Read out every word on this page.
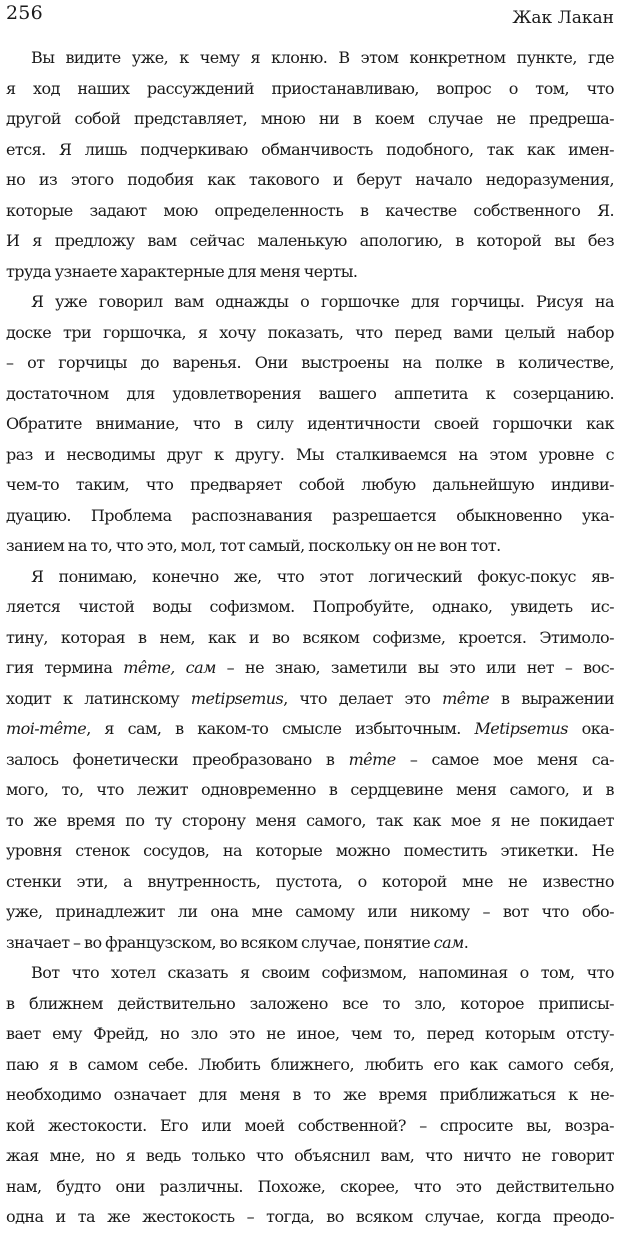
256	Жак Лакан
Вы видите уже, к чему я клоню. В этом конкретном пункте, где
я ход наших рассуждений приостанавливаю, вопрос о том, что
другой собой представляет, мною ни в коем случае не предреша-
ется. Я лишь подчеркиваю обманчивость подобного, так как имен-
но из этого подобия как такового и берут начало недоразумения,
которые задают мою определенность в качестве собственного Я.
И я предложу вам сейчас маленькую апологию, в которой вы без
труда узнаете характерные для меня черты.
Я уже говорил вам однажды о горшочке для горчицы. Рисуя на
доске три горшочка, я хочу показать, что перед вами целый набор
– от горчицы до варенья. Они выстроены на полке в количестве,
достаточном для удовлетворения вашего аппетита к созерцанию.
Обратите внимание, что в силу идентичности своей горшочки как
раз и несводимы друг к другу. Мы сталкиваемся на этом уровне с
чем-то таким, что предваряет собой любую дальнейшую индиви-
дуацию. Проблема распознавания разрешается обыкновенно ука-
занием на то, что это, мол, тот самый, поскольку он не вон тот.
Я понимаю, конечно же, что этот логический фокус-покус яв-
ляется чистой воды софизмом. Попробуйте, однако, увидеть ис-
тину, которая в нем, как и во всяком софизме, кроется. Этимоло-
гия термина même, сам – не знаю, заметили вы это или нет – вос-
ходит к латинскому metipsemus, что делает это même в выражении
moi-même, я сам, в каком-то смысле избыточным. Metipsemus ока-
залось фонетически преобразовано в même – самое мое меня са-
мого, то, что лежит одновременно в сердцевине меня самого, и в
то же время по ту сторону меня самого, так как мое я не покидает
уровня стенок сосудов, на которые можно поместить этикетки. Не
стенки эти, а внутренность, пустота, о которой мне не известно
уже, принадлежит ли она мне самому или никому – вот что обо-
значает – во французском, во всяком случае, понятие сам.
Вот что хотел сказать я своим софизмом, напоминая о том, что
в ближнем действительно заложено все то зло, которое приписы-
вает ему Фрейд, но зло это не иное, чем то, перед которым отсту-
паю я в самом себе. Любить ближнего, любить его как самого себя,
необходимо означает для меня в то же время приближаться к не-
кой жестокости. Его или моей собственной? – спросите вы, возра-
жая мне, но я ведь только что объяснил вам, что ничто не говорит
нам, будто они различны. Похоже, скорее, что это действительно
одна и та же жестокость – тогда, во всяком случае, когда преодо-
